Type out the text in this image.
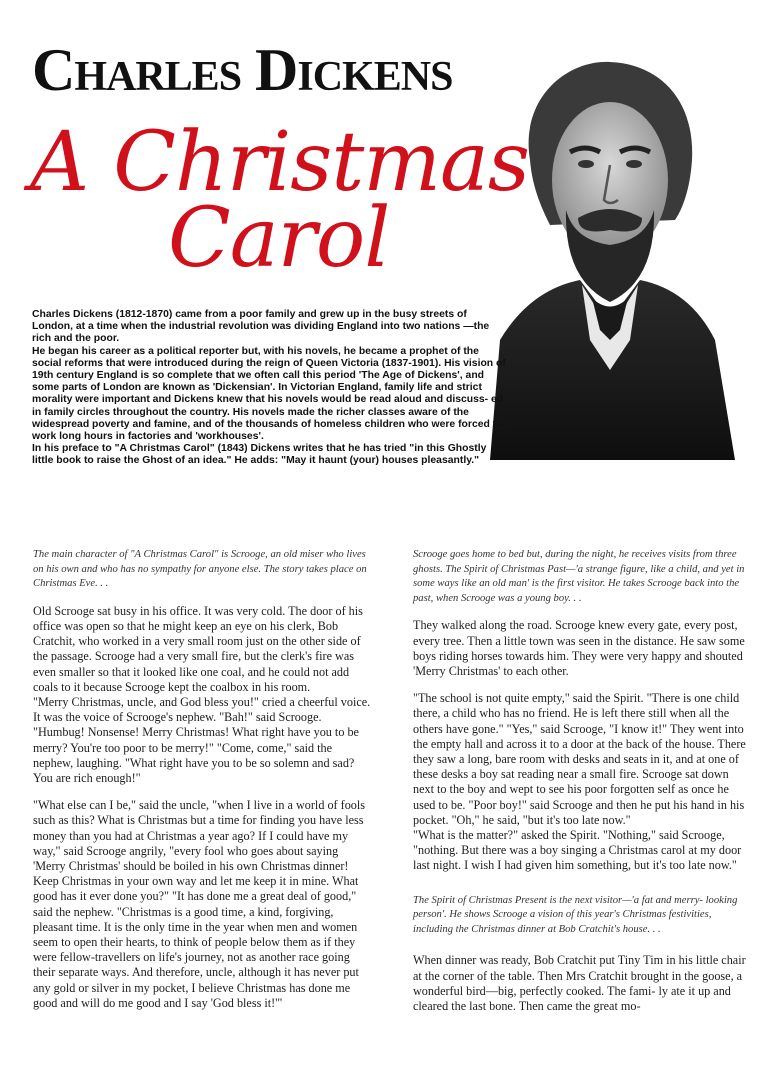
Charles Dickens
A Christmas
Carol

Charles Dickens (1812-1870) came from a poor family and grew up in the busy streets of London, at a time when the industrial revolution was dividing England into two nations —the rich and the poor.

He began his career as a political reporter but, with his novels, he became a prophet of the social reforms that were introduced during the reign of Queen Victoria (1837-1901). His vision of 19th century England is so complete that we often call this period 'The Age of Dickens', and some parts of London are known as 'Dickensian'. In Victorian England, family life and strict morality were important and Dickens knew that his novels would be read aloud and discuss- ed in family circles throughout the country. His novels made the richer classes aware of the widespread poverty and famine, and of the thousands of homeless children who were forced to work long hours in factories and 'workhouses'.

In his preface to "A Christmas Carol" (1843) Dickens writes that he has tried "in this Ghostly little book to raise the Ghost of an idea." He adds: "May it haunt (your) houses pleasantly."

The main character of "A Christmas Carol" is Scrooge, an old miser who lives on his own and who has no sympathy for anyone else. The story takes place on Christmas Eve. . .

Old Scrooge sat busy in his office. It was very cold. The door of his office was open so that he might keep an eye on his clerk, Bob Cratchit, who worked in a very small room just on the other side of the passage. Scrooge had a very small fire, but the clerk's fire was even smaller so that it looked like one coal, and he could not add coals to it because Scrooge kept the coalbox in his room.

"Merry Christmas, uncle, and God bless you!" cried a cheerful voice. It was the voice of Scrooge's nephew. "Bah!" said Scrooge. "Humbug! Nonsense! Merry Christmas! What right have you to be merry? You're too poor to be merry!" "Come, come," said the nephew, laughing. "What right have you to be so solemn and sad? You are rich enough!"

"What else can I be," said the uncle, "when I live in a world of fools such as this? What is Christmas but a time for finding you have less money than you had at Christmas a year ago? If I could have my way," said Scrooge angrily, "every fool who goes about saying 'Merry Christmas' should be boiled in his own Christmas dinner! Keep Christmas in your own way and let me keep it in mine. What good has it ever done you?" "It has done me a great deal of good," said the nephew. "Christmas is a good time, a kind, forgiving, pleasant time. It is the only time in the year when men and women seem to open their hearts, to think of people below them as if they were fellow-travellers on life's journey, not as another race going their separate ways. And therefore, uncle, although it has never put any gold or silver in my pocket, I believe Christmas has done me good and will do me good and I say 'God bless it!'"

Scrooge goes home to bed but, during the night, he receives visits from three ghosts. The Spirit of Christmas Past—'a strange figure, like a child, and yet in some ways like an old man' is the first visitor. He takes Scrooge back into the past, when Scrooge was a young boy. . .

They walked along the road. Scrooge knew every gate, every post, every tree. Then a little town was seen in the distance. He saw some boys riding horses towards him. They were very happy and shouted 'Merry Christmas' to each other.

"The school is not quite empty," said the Spirit. "There is one child there, a child who has no friend. He is left there still when all the others have gone." "Yes," said Scrooge, "I know it!" They went into the empty hall and across it to a door at the back of the house. There they saw a long, bare room with desks and seats in it, and at one of these desks a boy sat reading near a small fire. Scrooge sat down next to the boy and wept to see his poor forgotten self as once he used to be. "Poor boy!" said Scrooge and then he put his hand in his pocket. "Oh," he said, "but it's too late now."

"What is the matter?" asked the Spirit. "Nothing," said Scrooge, "nothing. But there was a boy singing a Christmas carol at my door last night. I wish I had given him something, but it's too late now."

The Spirit of Christmas Present is the next visitor—'a fat and merry- looking person'. He shows Scrooge a vision of this year's Christmas festivities, including the Christmas dinner at Bob Cratchit's house. . .

When dinner was ready, Bob Cratchit put Tiny Tim in his little chair at the corner of the table. Then Mrs Cratchit brought in the goose, a wonderful bird—big, perfectly cooked. The fami- ly ate it up and cleared the last bone. Then came the great mo-
